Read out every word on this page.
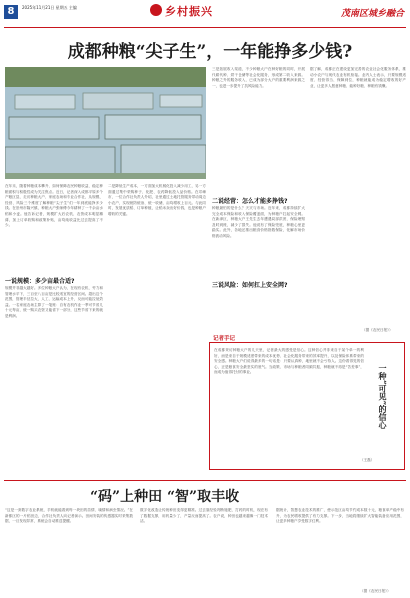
8	2025年11月21日 星期五 主编	乡村振兴	茂南区城乡融合
成都种粮“尖子生”，一年能挣多少钱?
在年末，随着种粮成本攀升、如何保障农民种粮收益、稳定种粮面积与积极性成为关注焦点。近日，记者深入成都平原多个产粮区县，走访种粮大户、家庭农场和专业合作社，从规模、经营、风险三个维度了解种粮“尖子生”们一年到底能挣多少钱。在崇州市隆兴镇，种粮大户张师傅今年耕种了一千余亩水稻和小麦。他告诉记者，规模扩大后农机、农资成本明显摊薄，加上订单收购和政策补贴，亩均纯收益比过去提高了不少。
一说规模：多少亩最合适?
规模并非越大越好。多位种粮大户认为，在现有农机、劳力和管理水平下，三百至八百亩是比较适宜的经营区间。超出这个范围，管理半径拉大，人工、运输成本上升，反而可能拉低效益。一名家庭农场主算了一笔账：自有农机作业一季可节省几十元每亩，统一购买农资又能省下一部分，这些节省下来的就是利润。
二是降低生产成本，一方面加大机械化投入减少用工，另一方面通过集中采购种子、化肥、农药降低投入品价格。在邛崃市，一位合作社负责人介绍，社里通过土地托管服务带动周边小农户，实现统防统治、统一收储，亩均增收上百元。与此同时，发展优质稻、订单种植，让稻米卖出好价钱，也是种粮户增收的关键。
三是拓展收入渠道，不少种粮大户在种好粮的同时，开展代耕代种、烘干仓储等社会化服务，形成第二收入来源。种粮之外的服务收入，已成为部分大户的重要利润来源之一，也进一步提升了抗风险能力。
二说经营：怎么才能多挣钱?
种粮最怕的是什么？天灾与市场。近年来，成都持续扩大完全成本保险和收入保险覆盖面，为种粮户扛起安全网。在新津区，种粮大户王先生去年遭遇局部洪涝，保险理赔及时到账，减少了损失。他说有了保险兜底，种粮心里更踏实。此外，各地还推出粮食价格指数保险，化解市场价格波动风险。
三说风险：如何扛上安全网?
据了解，成都正在建设更加完善的农业社会化服务体系，推动小农户与现代农业有机衔接。业内人士表示，只要规模适度、经营得当、保障到位，种粮就能成为稳定增收的好产业，让更多人愿意种粮、能种好粮、种粮有钱赚。
（据《农民日报》）
记者手记
在成都采访种粮大户的几天里，记者最大的感受是信心。这种信心并非来自于某个单一的利好，而是来自于规模适度带来的成本优势、社会化服务带来的效率提升，以及保险体系带来的安全感。种粮大户们说得最多的一句话是：只要认真种，地里就不会亏待人。这份看得见的信心，正是粮食安全最坚实的底气。当政策、市场与种粮者同频共振，种粮就不再是“苦差事”，而成为值得托付的事业。	一种“可见”的信心
（王磊）
“码”上种田 “智”取丰收
“这是一套数字农业系统，手机就能看到每一块田的苗情、墒情和病虫情况。”在新都区的一片稻田边，合作社负责人向记者演示。田间安装的传感器实时采集数据，一旦发现异常，系统会自动推送提醒。
数字化改造让传统种田变得更精准。过去靠经验判断施肥、打药的时机，现在有了数据支撑，用药量少了，产量反而提高了。农户说，种田也越来越像一门技术活。
据统计，智慧农业技术的推广，使示范区亩均节约成本数十元，粮食单产稳中有升，为农民增收提供了有力支撑。下一步，当地将继续扩大智能装备应用范围，让更多种粮户享受数字红利。
（据《农民日报》）
